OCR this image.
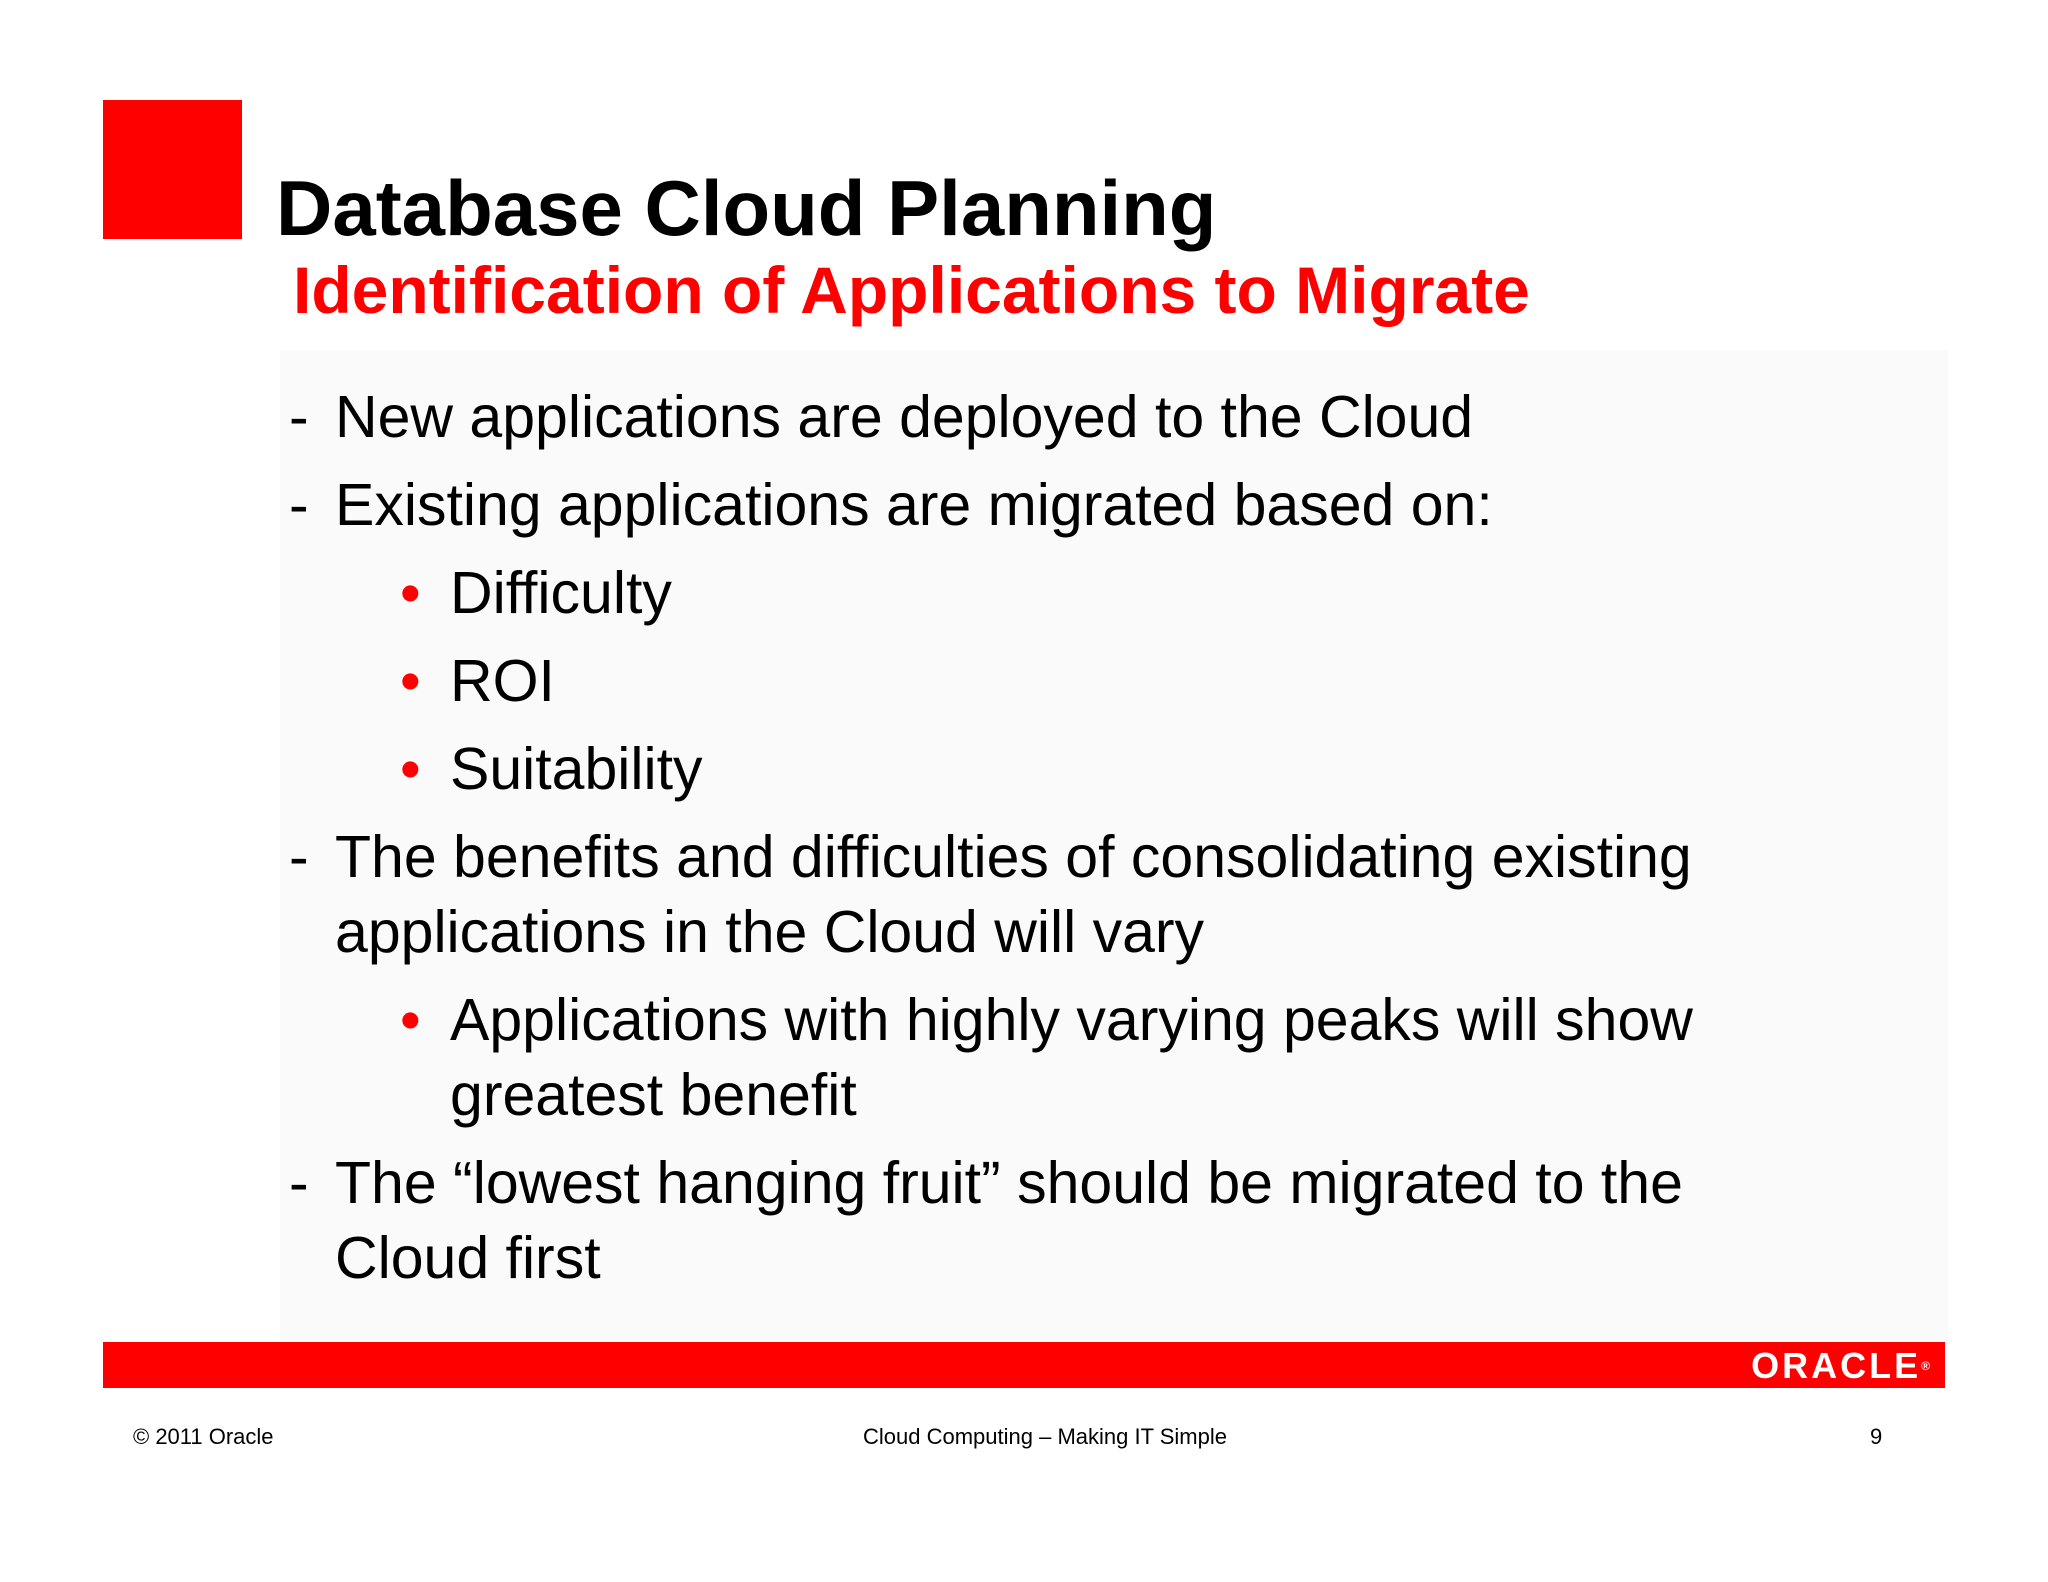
Database Cloud Planning
Identification of Applications to Migrate
- New applications are deployed to the Cloud
- Existing applications are migrated based on:
• Difficulty
• ROI
• Suitability
- The benefits and difficulties of consolidating existing applications in the Cloud will vary
• Applications with highly varying peaks will show greatest benefit
- The “lowest hanging fruit” should be migrated to the Cloud first
ORACLE®
© 2011 Oracle	Cloud Computing – Making IT Simple	9
